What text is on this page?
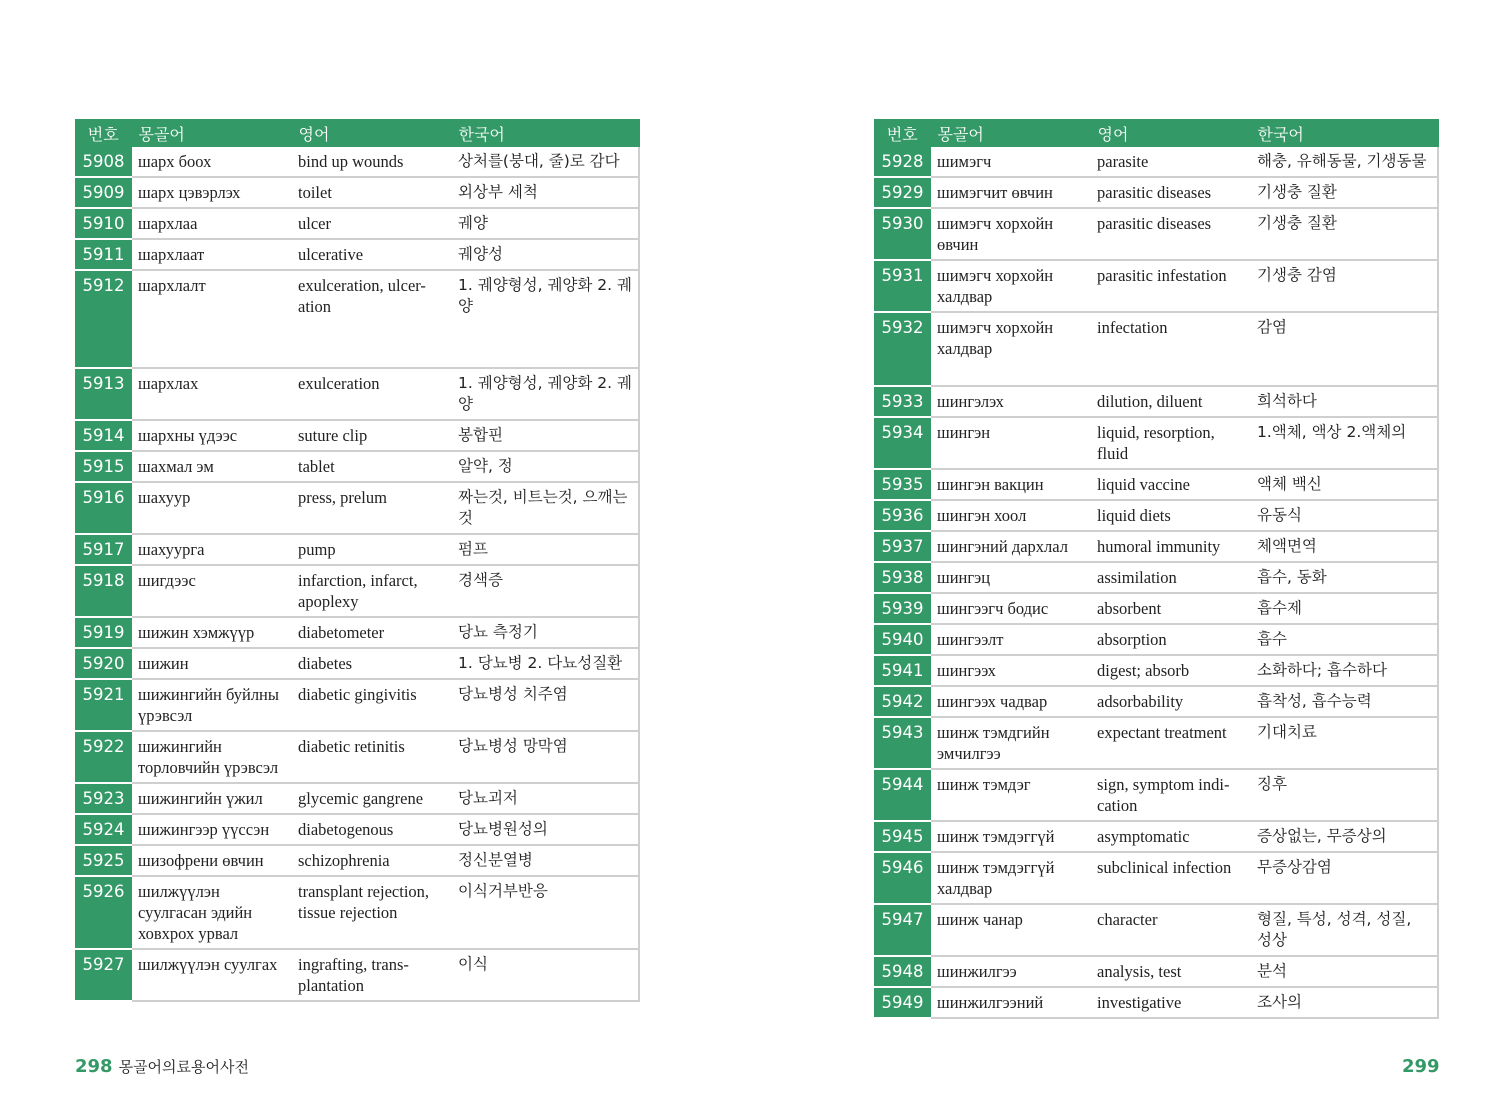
번호	몽골어	영어	한국어
5908	шарх боох	bind up wounds	상처를(붕대, 줄)로 감다
5909	шарх цэвэрлэх	toilet	외상부 세척
5910	шархлаа	ulcer	궤양
5911	шархлаат	ulcerative	궤양성
5912	шархлалт	exulceration, ulcer-ation	1. 궤양형성, 궤양화 2. 궤양
5913	шархлах	exulceration	1. 궤양형성, 궤양화 2. 궤양
5914	шархны үдээс	suture clip	봉합핀
5915	шахмал эм	tablet	알약, 정
5916	шахуур	press, prelum	짜는것, 비트는것, 으깨는것
5917	шахуурга	pump	펌프
5918	шигдээс	infarction, infarct, apoplexy	경색증
5919	шижин хэмжүүр	diabetometer	당뇨 측정기
5920	шижин	diabetes	1. 당뇨병 2. 다뇨성질환
5921	шижингийн буйлны үрэвсэл	diabetic gingivitis	당뇨병성 치주염
5922	шижингийн торловчийн үрэвсэл	diabetic retinitis	당뇨병성 망막염
5923	шижингийн үжил	glycemic gangrene	당뇨괴저
5924	шижингээр үүссэн	diabetogenous	당뇨병원성의
5925	шизофрени өвчин	schizophrenia	정신분열병
5926	шилжүүлэн суулгасан эдийн ховхрох урвал	transplant rejection, tissue rejection	이식거부반응
5927	шилжүүлэн суулгах	ingrafting, trans-plantation	이식
번호	몽골어	영어	한국어
5928	шимэгч	parasite	해충, 유해동물, 기생동물
5929	шимэгчит өвчин	parasitic diseases	기생충 질환
5930	шимэгч хорхойн өвчин	parasitic diseases	기생충 질환
5931	шимэгч хорхойн халдвар	parasitic infestation	기생충 감염
5932	шимэгч хорхойн халдвар	infectation	감염
5933	шингэлэх	dilution, diluent	희석하다
5934	шингэн	liquid, resorption, fluid	1.액체, 액상 2.액체의
5935	шингэн вакцин	liquid vaccine	액체 백신
5936	шингэн хоол	liquid diets	유동식
5937	шингэний дархлал	humoral immunity	체액면역
5938	шингэц	assimilation	흡수, 동화
5939	шингээгч бодис	absorbent	흡수제
5940	шингээлт	absorption	흡수
5941	шингээх	digest; absorb	소화하다; 흡수하다
5942	шингээх чадвар	adsorbability	흡착성, 흡수능력
5943	шинж тэмдгийн эмчилгээ	expectant treatment	기대치료
5944	шинж тэмдэг	sign, symptom indi-cation	징후
5945	шинж тэмдэггүй	asymptomatic	증상없는, 무증상의
5946	шинж тэмдэггүй халдвар	subclinical infection	무증상감염
5947	шинж чанар	character	형질, 특성, 성격, 성질, 성상
5948	шинжилгээ	analysis, test	분석
5949	шинжилгээний	investigative	조사의
298 몽골어의료용어사전	299
